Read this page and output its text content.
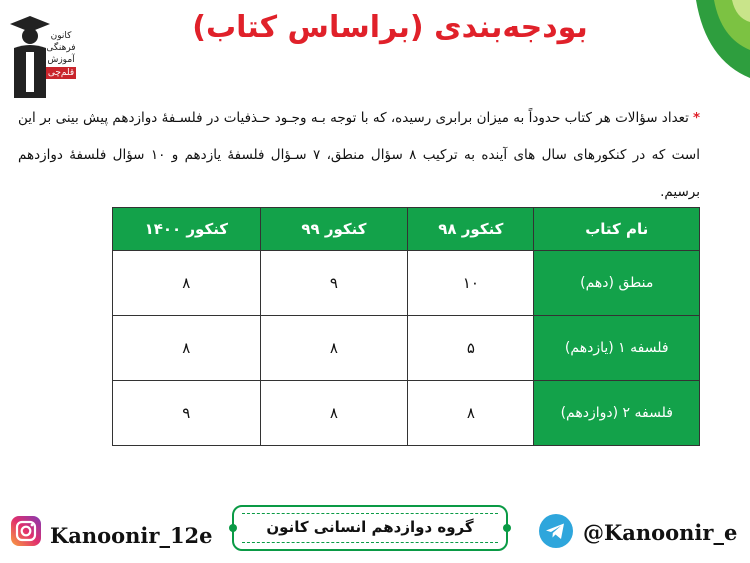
کانون
فرهنگی
آموزش
قلم‌چی
بودجه‌بندی (براساس کتاب)
*تعداد سؤالات هر کتاب حدوداً به میزان برابری رسیده، که با توجه بـه وجـود حـذفیات در فلسـفهٔ دوازدهم پیش بینی بر این است که در کنکورهای سال های آینده به ترکیب ۸ سؤال منطق، ۷ سـؤال فلسفهٔ یازدهم و ۱۰ سؤال فلسفهٔ دوازدهم برسیم.
نام کتاب	کنکور ۹۸	کنکور ۹۹	کنکور ۱۴۰۰
منطق (دهم)	۱۰	۹	۸
فلسفه ۱ (یازدهم)	۵	۸	۸
فلسفه ۲ (دوازدهم)	۸	۸	۹
Kanoonir_12e	گروه دوازدهم انسانی کانون	@Kanoonir_e
